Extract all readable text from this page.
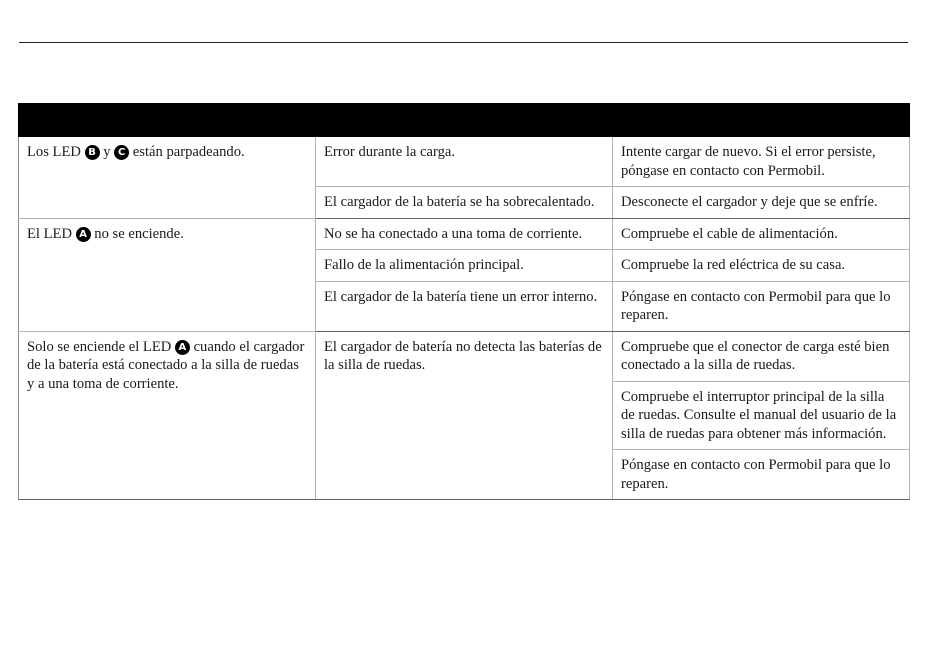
Los LED B y C están parpadeando.	Error durante la carga.	Intente cargar de nuevo. Si el error persiste, póngase en contacto con Permobil.
	El cargador de la batería se ha sobrecalentado.	Desconecte el cargador y deje que se enfríe.
El LED A no se enciende.	No se ha conectado a una toma de corriente.	Compruebe el cable de alimentación.
	Fallo de la alimentación principal.	Compruebe la red eléctrica de su casa.
	El cargador de la batería tiene un error interno.	Póngase en contacto con Permobil para que lo reparen.
Solo se enciende el LED A cuando el cargador de la batería está conectado a la silla de ruedas y a una toma de corriente.	El cargador de batería no detecta las baterías de la silla de ruedas.	Compruebe que el conector de carga esté bien conectado a la silla de ruedas.
		Compruebe el interruptor principal de la silla de ruedas. Consulte el manual del usuario de la silla de ruedas para obtener más información.
		Póngase en contacto con Permobil para que lo reparen.
